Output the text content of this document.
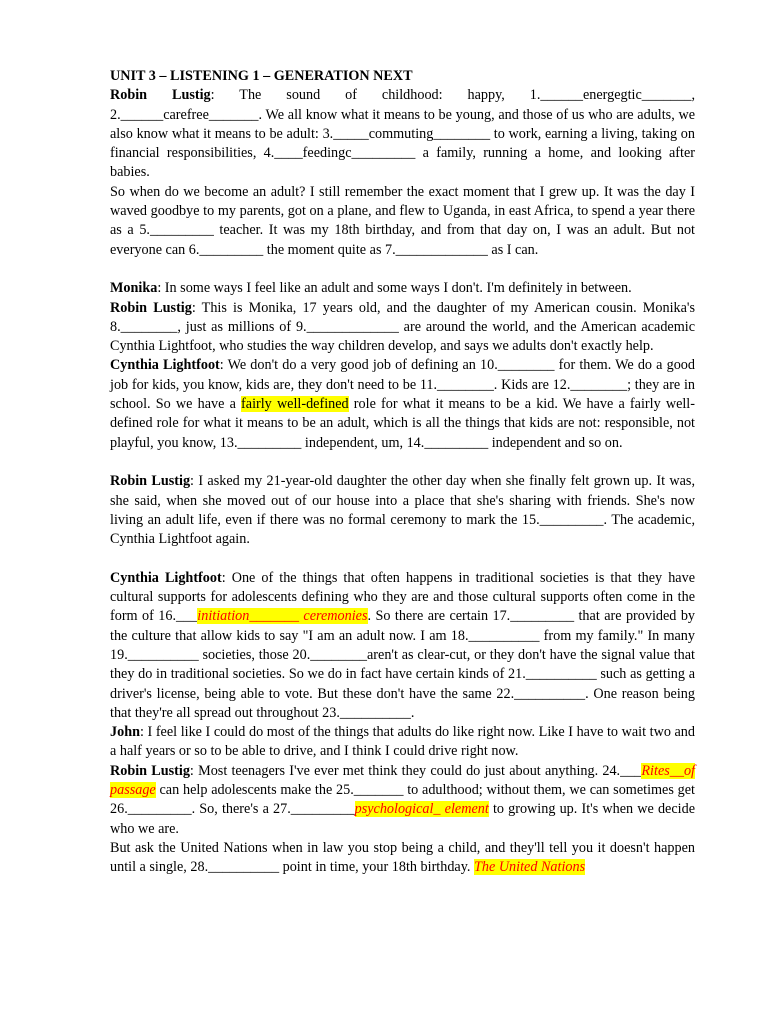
UNIT 3 – LISTENING 1 – GENERATION NEXT

Robin Lustig: The sound of childhood: happy, 1.______energegtic_______, 2.______carefree_______. We all know what it means to be young, and those of us who are adults, we also know what it means to be adult: 3._____commuting________ to work, earning a living, taking on financial responsibilities, 4.____feedingc_________ a family, running a home, and looking after babies.

So when do we become an adult? I still remember the exact moment that I grew up. It was the day I waved goodbye to my parents, got on a plane, and flew to Uganda, in east Africa, to spend a year there as a 5._________ teacher. It was my 18th birthday, and from that day on, I was an adult. But not everyone can 6._________ the moment quite as 7._____________ as I can.

Monika: In some ways I feel like an adult and some ways I don't. I'm definitely in between.

Robin Lustig: This is Monika, 17 years old, and the daughter of my American cousin. Monika's 8.________, just as millions of 9._____________ are around the world, and the American academic Cynthia Lightfoot, who studies the way children develop, and says we adults don't exactly help.

Cynthia Lightfoot: We don't do a very good job of defining an 10.________ for them. We do a good job for kids, you know, kids are, they don't need to be 11.________. Kids are 12.________; they are in school. So we have a fairly well-defined role for what it means to be a kid. We have a fairly well-defined role for what it means to be an adult, which is all the things that kids are not: responsible, not playful, you know, 13._________ independent, um, 14._________ independent and so on.

Robin Lustig: I asked my 21-year-old daughter the other day when she finally felt grown up. It was, she said, when she moved out of our house into a place that she's sharing with friends. She's now living an adult life, even if there was no formal ceremony to mark the 15._________. The academic, Cynthia Lightfoot again.

Cynthia Lightfoot: One of the things that often happens in traditional societies is that they have cultural supports for adolescents defining who they are and those cultural supports often come in the form of 16.___initiation_______ ceremonies. So there are certain 17._________ that are provided by the culture that allow kids to say "I am an adult now. I am 18.__________ from my family." In many 19.__________ societies, those 20.________aren't as clear-cut, or they don't have the signal value that they do in traditional societies. So we do in fact have certain kinds of 21.__________ such as getting a driver's license, being able to vote. But these don't have the same 22.__________. One reason being that they're all spread out throughout 23.__________.

John: I feel like I could do most of the things that adults do like right now. Like I have to wait two and a half years or so to be able to drive, and I think I could drive right now.

Robin Lustig: Most teenagers I've ever met think they could do just about anything. 24.___Rites__of passage can help adolescents make the 25._______ to adulthood; without them, we can sometimes get 26._________. So, there's a 27._________psychological_ element to growing up. It's when we decide who we are.

But ask the United Nations when in law you stop being a child, and they'll tell you it doesn't happen until a single, 28.__________ point in time, your 18th birthday. The United Nations
